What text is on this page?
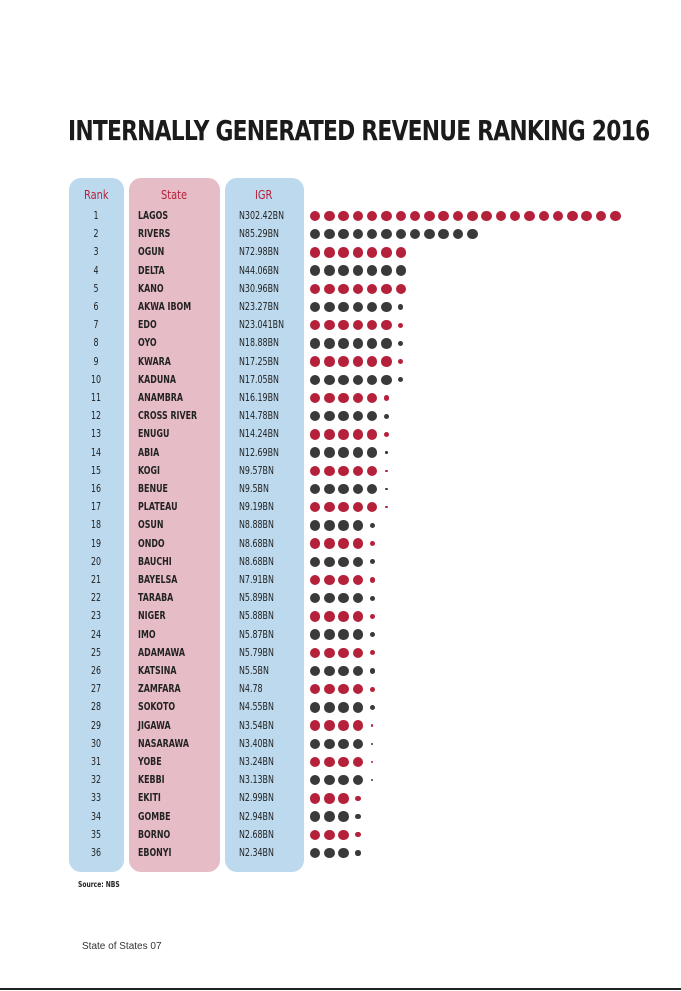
INTERNALLY GENERATED REVENUE RANKING 2016
Rank	State	IGR
1	LAGOS	N302.42BN
2	RIVERS	N85.29BN
3	OGUN	N72.98BN
4	DELTA	N44.06BN
5	KANO	N30.96BN
6	AKWA IBOM	N23.27BN
7	EDO	N23.041BN
8	OYO	N18.88BN
9	KWARA	N17.25BN
10	KADUNA	N17.05BN
11	ANAMBRA	N16.19BN
12	CROSS RIVER	N14.78BN
13	ENUGU	N14.24BN
14	ABIA	N12.69BN
15	KOGI	N9.57BN
16	BENUE	N9.5BN
17	PLATEAU	N9.19BN
18	OSUN	N8.88BN
19	ONDO	N8.68BN
20	BAUCHI	N8.68BN
21	BAYELSA	N7.91BN
22	TARABA	N5.89BN
23	NIGER	N5.88BN
24	IMO	N5.87BN
25	ADAMAWA	N5.79BN
26	KATSINA	N5.5BN
27	ZAMFARA	N4.78
28	SOKOTO	N4.55BN
29	JIGAWA	N3.54BN
30	NASARAWA	N3.40BN
31	YOBE	N3.24BN
32	KEBBI	N3.13BN
33	EKITI	N2.99BN
34	GOMBE	N2.94BN
35	BORNO	N2.68BN
36	EBONYI	N2.34BN
Source: NBS
State of States 07
